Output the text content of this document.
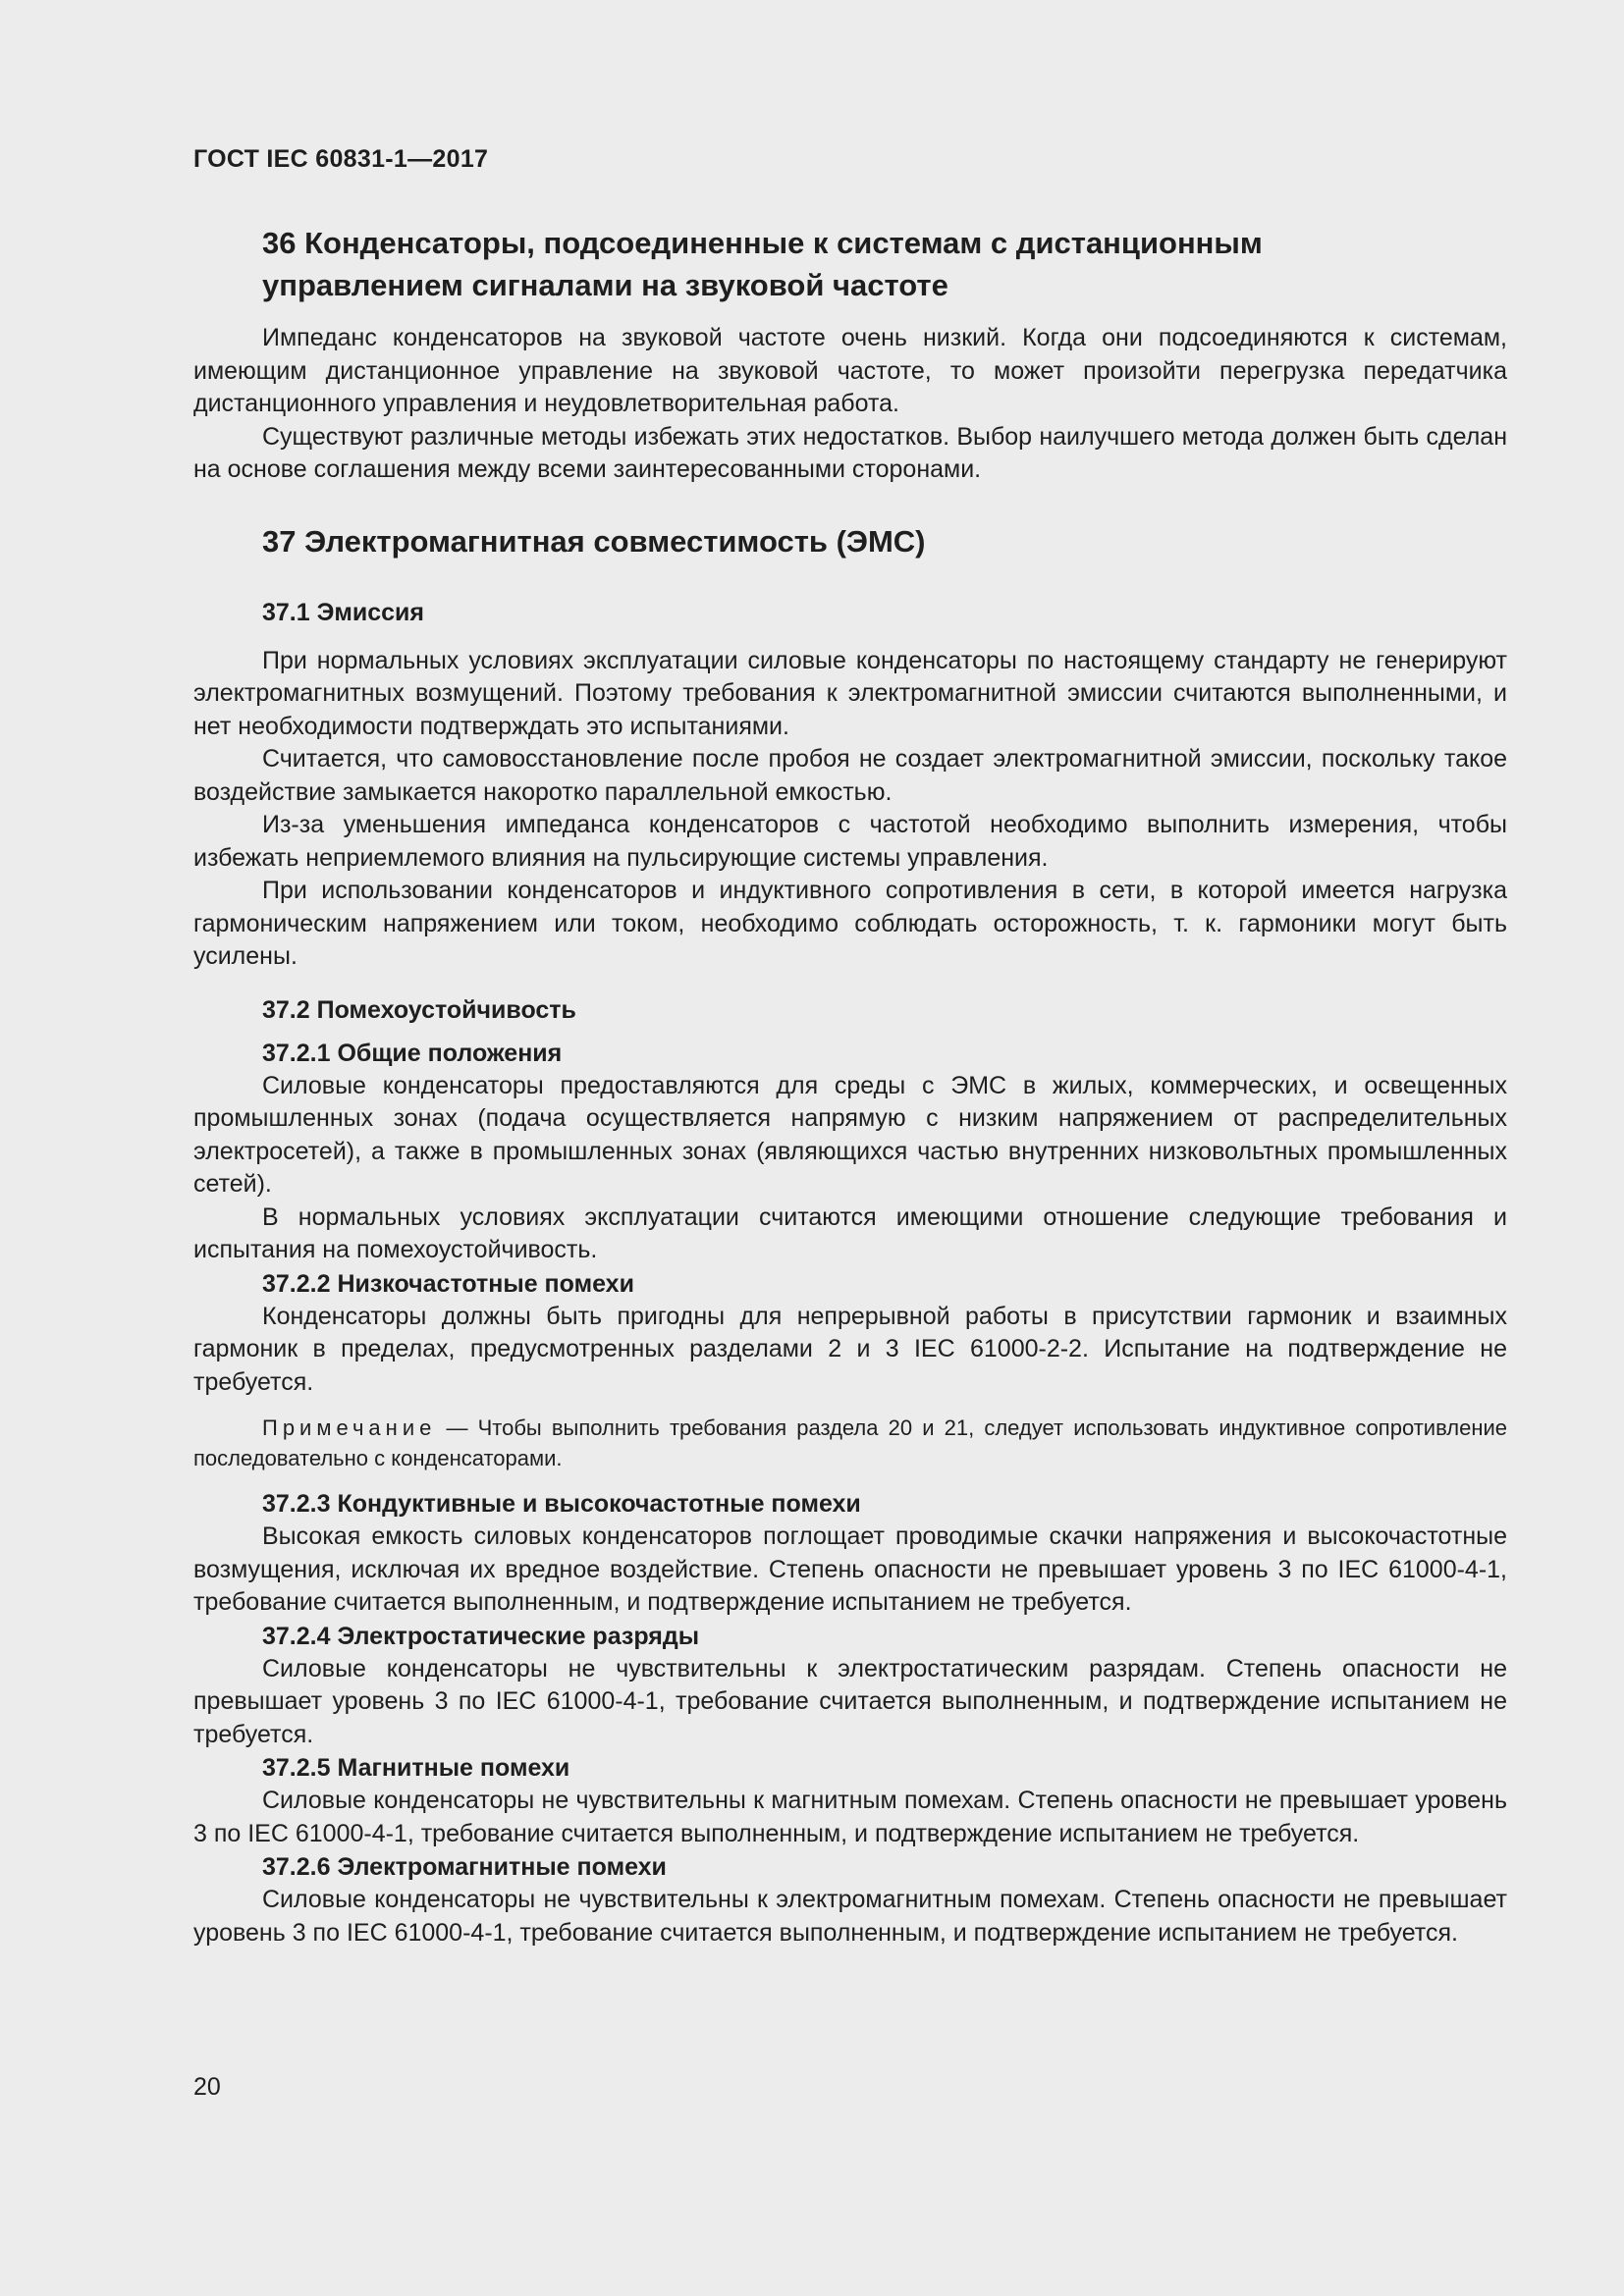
ГОСТ IEC 60831-1—2017
36 Конденсаторы, подсоединенные к системам с дистанционным
управлением сигналами на звуковой частоте

Импеданс конденсаторов на звуковой частоте очень низкий. Когда они подсоединяются к системам, имеющим дистанционное управление на звуковой частоте, то может произойти перегрузка передатчика дистанционного управления и неудовлетворительная работа.

Существуют различные методы избежать этих недостатков. Выбор наилучшего метода должен быть сделан на основе соглашения между всеми заинтересованными сторонами.

37 Электромагнитная совместимость (ЭМС)
37.1 Эмиссия

При нормальных условиях эксплуатации силовые конденсаторы по настоящему стандарту не генерируют электромагнитных возмущений. Поэтому требования к электромагнитной эмиссии считаются выполненными, и нет необходимости подтверждать это испытаниями.

Считается, что самовосстановление после пробоя не создает электромагнитной эмиссии, поскольку такое воздействие замыкается накоротко параллельной емкостью.

Из-за уменьшения импеданса конденсаторов с частотой необходимо выполнить измерения, чтобы избежать неприемлемого влияния на пульсирующие системы управления.

При использовании конденсаторов и индуктивного сопротивления в сети, в которой имеется нагрузка гармоническим напряжением или током, необходимо соблюдать осторожность, т. к. гармоники могут быть усилены.

37.2 Помехоустойчивость
37.2.1 Общие положения

Силовые конденсаторы предоставляются для среды с ЭМС в жилых, коммерческих, и освещенных промышленных зонах (подача осуществляется напрямую с низким напряжением от распределительных электросетей), а также в промышленных зонах (являющихся частью внутренних низковольтных промышленных сетей).

В нормальных условиях эксплуатации считаются имеющими отношение следующие требования и испытания на помехоустойчивость.

37.2.2 Низкочастотные помехи

Конденсаторы должны быть пригодны для непрерывной работы в присутствии гармоник и взаимных гармоник в пределах, предусмотренных разделами 2 и 3 IEC 61000-2-2. Испытание на подтверждение не требуется.

Примечание — Чтобы выполнить требования раздела 20 и 21, следует использовать индуктивное сопротивление последовательно с конденсаторами.

37.2.3 Кондуктивные и высокочастотные помехи

Высокая емкость силовых конденсаторов поглощает проводимые скачки напряжения и высокочастотные возмущения, исключая их вредное воздействие. Степень опасности не превышает уровень 3 по IEC 61000-4-1, требование считается выполненным, и подтверждение испытанием не требуется.

37.2.4 Электростатические разряды

Силовые конденсаторы не чувствительны к электростатическим разрядам. Степень опасности не превышает уровень 3 по IEC 61000-4-1, требование считается выполненным, и подтверждение испытанием не требуется.

37.2.5 Магнитные помехи

Силовые конденсаторы не чувствительны к магнитным помехам. Степень опасности не превышает уровень 3 по IEC 61000-4-1, требование считается выполненным, и подтверждение испытанием не требуется.

37.2.6 Электромагнитные помехи

Силовые конденсаторы не чувствительны к электромагнитным помехам. Степень опасности не превышает уровень 3 по IEC 61000-4-1, требование считается выполненным, и подтверждение испытанием не требуется.

20
